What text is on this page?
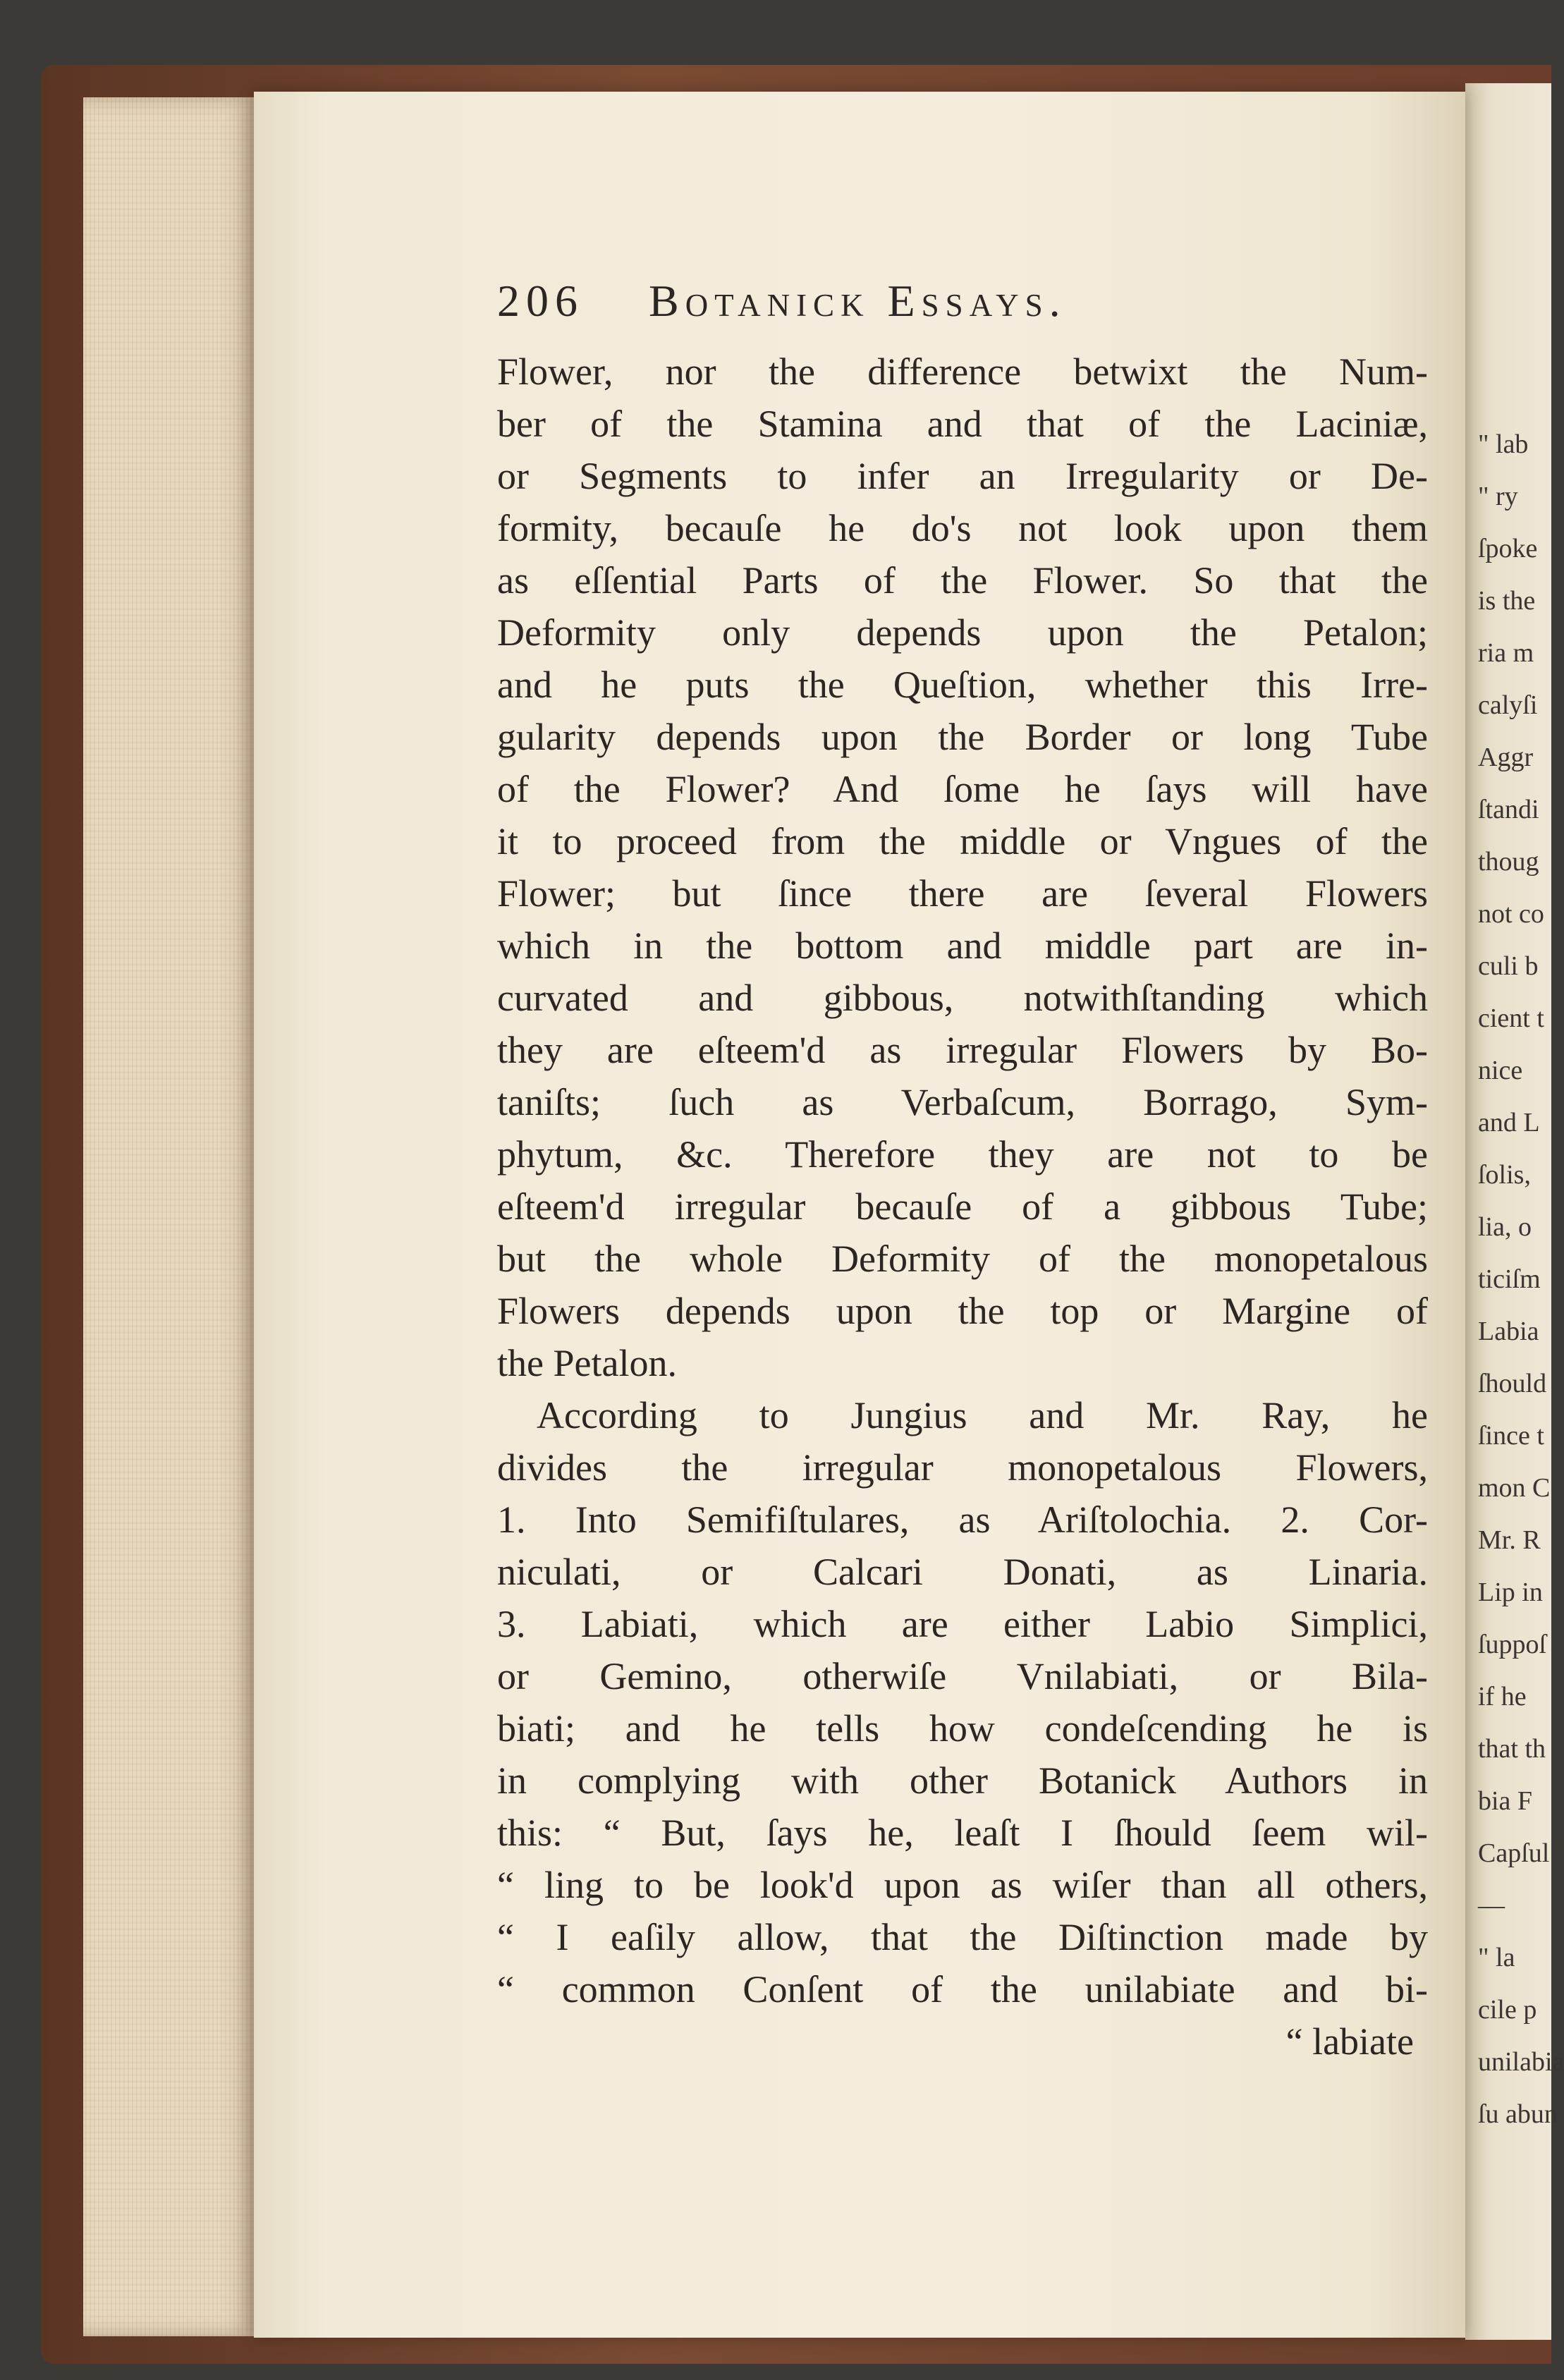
" lab
" ry
ſpoke
is the
ria m
calyſi
Aggr
ſtandi
thoug
not co
culi b
cient t
nice
and L
ſolis,
lia, o
ticiſm
Labia
ſhould
ſince t
mon C
Mr. R
Lip in
ſuppoſ
if he
that th
bia F
Capſul
—
" la
cile p
unilabia
ſu abun
206 Botanick Essays.
Flower, nor the difference betwixt the Num-
ber of the Stamina and that of the Laciniæ,
or Segments to infer an Irregularity or De-
formity, becauſe he do's not look upon them
as eſſential Parts of the Flower. So that the
Deformity only depends upon the Petalon;
and he puts the Queſtion, whether this Irre-
gularity depends upon the Border or long Tube
of the Flower? And ſome he ſays will have
it to proceed from the middle or Vngues of the
Flower; but ſince there are ſeveral Flowers
which in the bottom and middle part are in-
curvated and gibbous, notwithſtanding which
they are eſteem'd as irregular Flowers by Bo-
taniſts; ſuch as Verbaſcum, Borrago, Sym-
phytum, &c. Therefore they are not to be
eſteem'd irregular becauſe of a gibbous Tube;
but the whole Deformity of the monopetalous
Flowers depends upon the top or Margine of
the Petalon.
According to Jungius and Mr. Ray, he
divides the irregular monopetalous Flowers,
1. Into Semifiſtulares, as Ariſtolochia. 2. Cor-
niculati, or Calcari Donati, as Linaria.
3. Labiati, which are either Labio Simplici,
or Gemino, otherwiſe Vnilabiati, or Bila-
biati; and he tells how condeſcending he is
in complying with other Botanick Authors in
this: “ But, ſays he, leaſt I ſhould ſeem wil-
“ ling to be look'd upon as wiſer than all others,
“ I eaſily allow, that the Diſtinction made by
“ common Conſent of the unilabiate and bi-
“ labiate
